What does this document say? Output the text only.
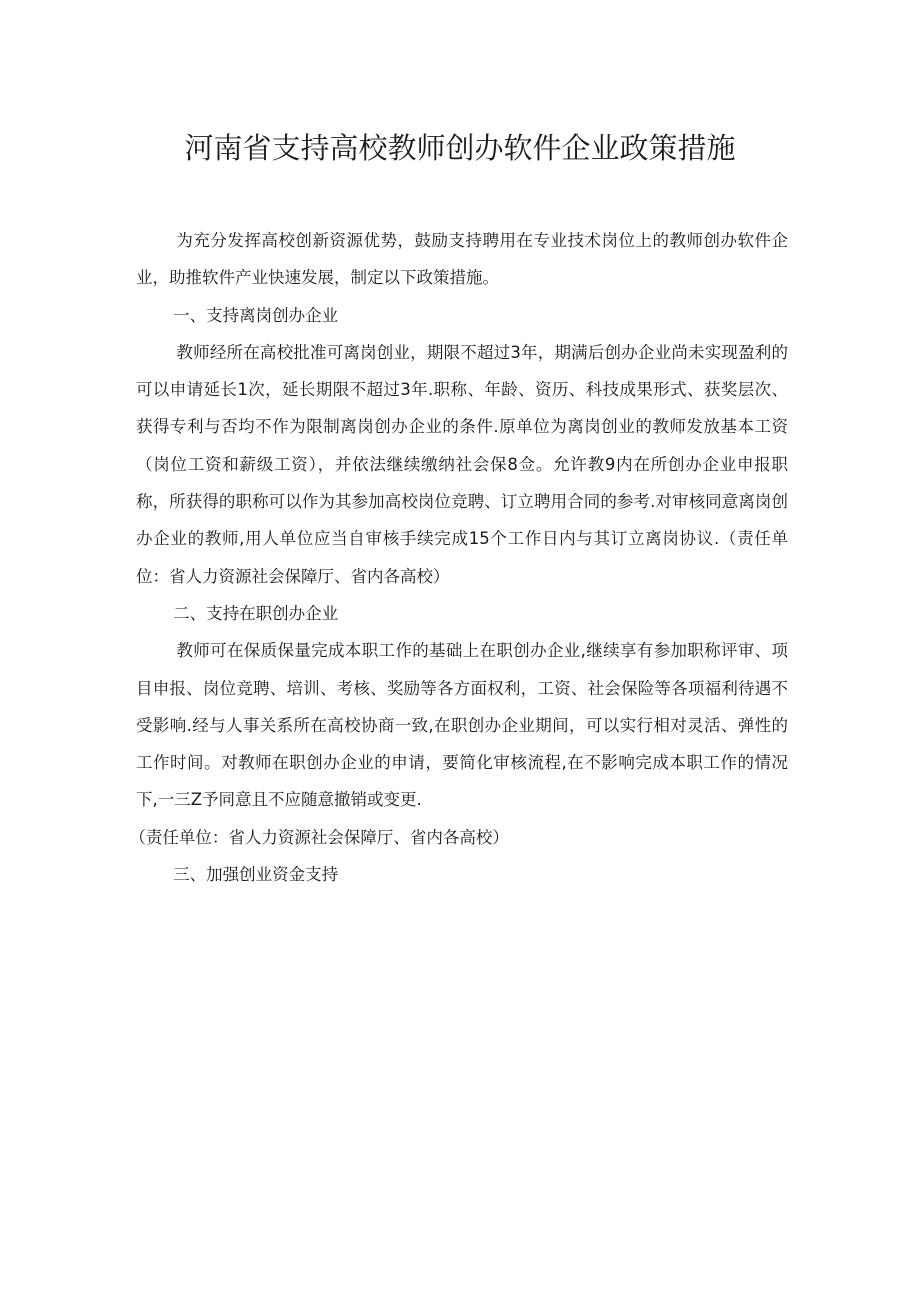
河南省支持高校教师创办软件企业政策措施

为充分发挥高校创新资源优势，鼓励支持聘用在专业技术岗位上的教师创办软件企业，助推软件产业快速发展，制定以下政策措施。

一、支持离岗创办企业

教师经所在高校批准可离岗创业，期限不超过3年，期满后创办企业尚未实现盈利的可以申请延长1次，延长期限不超过3年.职称、年龄、资历、科技成果形式、获奖层次、获得专利与否均不作为限制离岗创办企业的条件.原单位为离岗创业的教师发放基本工资（岗位工资和薪级工资），并依法继续缴纳社会保8佥。允许教9内在所创办企业申报职称，所获得的职称可以作为其参加高校岗位竞聘、订立聘用合同的参考.对审核同意离岗创办企业的教师,用人单位应当自审核手续完成15个工作日内与其订立离岗协议.（责任单位：省人力资源社会保障厅、省内各高校）

二、支持在职创办企业

教师可在保质保量完成本职工作的基础上在职创办企业,继续享有参加职称评审、项目申报、岗位竞聘、培训、考核、奖励等各方面权利，工资、社会保险等各项福利待遇不受影响.经与人事关系所在高校协商一致,在职创办企业期间，可以实行相对灵活、弹性的工作时间。对教师在职创办企业的申请，要简化审核流程,在不影响完成本职工作的情况下,一三Z予同意且不应随意撤销或变更.

（责任单位：省人力资源社会保障厅、省内各高校）

三、加强创业资金支持
